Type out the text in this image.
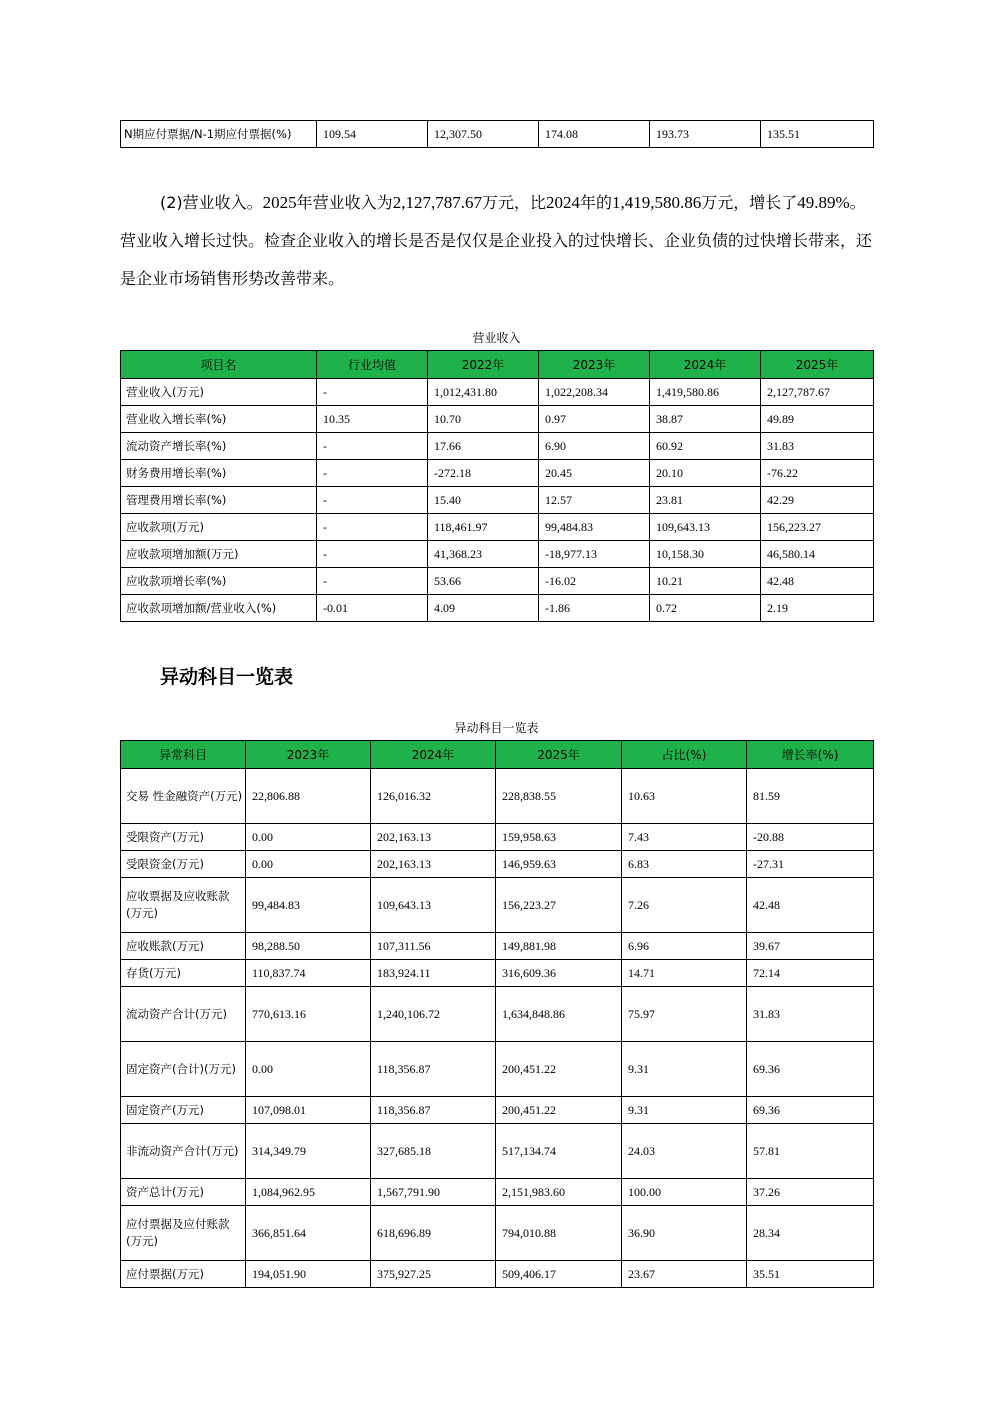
N期应付票据/N-1期应付票据(%)	109.54	12,307.50	174.08	193.73	135.51

(2)营业收入。2025年营业收入为2,127,787.67万元，比2024年的1,419,580.86万元，增长了49.89%。营业收入增长过快。检查企业收入的增长是否是仅仅是企业投入的过快增长、企业负债的过快增长带来，还是企业市场销售形势改善带来。

营业收入
项目名	行业均值	2022年	2023年	2024年	2025年
营业收入(万元)	-	1,012,431.80	1,022,208.34	1,419,580.86	2,127,787.67
营业收入增长率(%)	10.35	10.70	0.97	38.87	49.89
流动资产增长率(%)	-	17.66	6.90	60.92	31.83
财务费用增长率(%)	-	-272.18	20.45	20.10	-76.22
管理费用增长率(%)	-	15.40	12.57	23.81	42.29
应收款项(万元)	-	118,461.97	99,484.83	109,643.13	156,223.27
应收款项增加额(万元)	-	41,368.23	-18,977.13	10,158.30	46,580.14
应收款项增长率(%)	-	53.66	-16.02	10.21	42.48
应收款项增加额/营业收入(%)	-0.01	4.09	-1.86	0.72	2.19
异动科目一览表
异动科目一览表
异常科目	2023年	2024年	2025年	占比(%)	增长率(%)
交易 性金融资产(万元)	22,806.88	126,016.32	228,838.55	10.63	81.59
受限资产(万元)	0.00	202,163.13	159,958.63	7.43	-20.88
受限资金(万元)	0.00	202,163.13	146,959.63	6.83	-27.31
应收票据及应收账款(万元)	99,484.83	109,643.13	156,223.27	7.26	42.48
应收账款(万元)	98,288.50	107,311.56	149,881.98	6.96	39.67
存货(万元)	110,837.74	183,924.11	316,609.36	14.71	72.14
流动资产合计(万元)	770,613.16	1,240,106.72	1,634,848.86	75.97	31.83
固定资产(合计)(万元)	0.00	118,356.87	200,451.22	9.31	69.36
固定资产(万元)	107,098.01	118,356.87	200,451.22	9.31	69.36
非流动资产合计(万元)	314,349.79	327,685.18	517,134.74	24.03	57.81
资产总计(万元)	1,084,962.95	1,567,791.90	2,151,983.60	100.00	37.26
应付票据及应付账款(万元)	366,851.64	618,696.89	794,010.88	36.90	28.34
应付票据(万元)	194,051.90	375,927.25	509,406.17	23.67	35.51
